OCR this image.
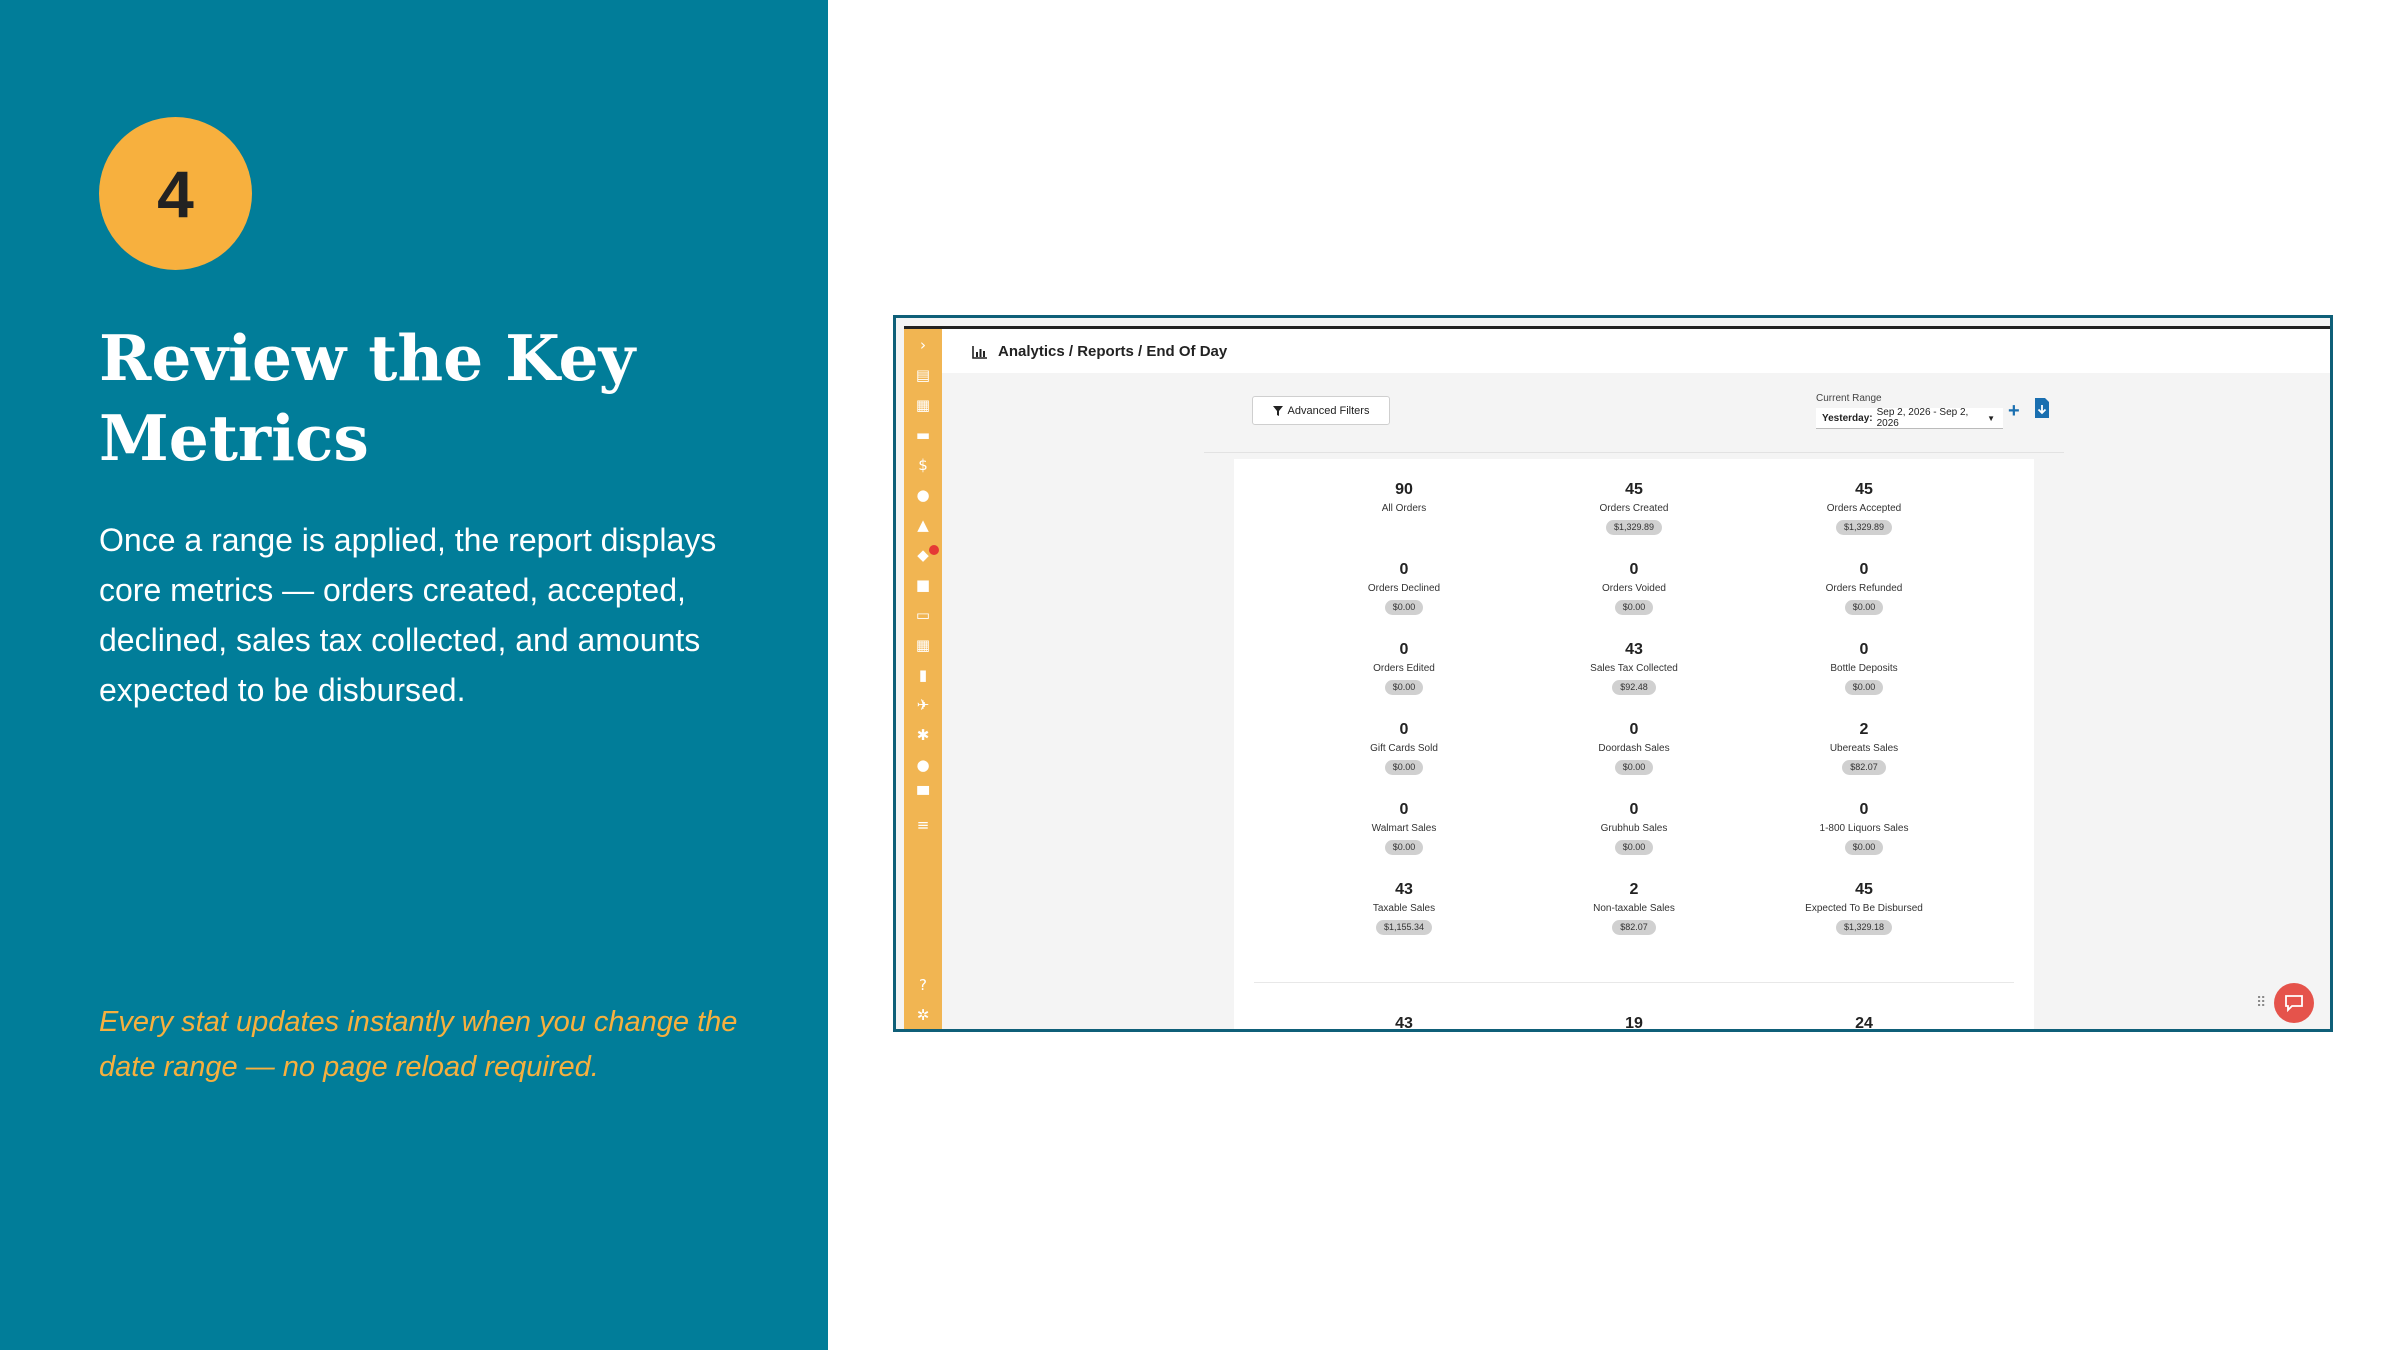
4
Review the Key Metrics

Once a range is applied, the report displays core metrics — orders created, accepted, declined, sales tax collected, and amounts expected to be disbursed.

Every stat updates instantly when you change the date range — no page reload required.

›
▤
▦
▬
$
●
▲
◆
■
▭
▦
▮
✈
✱
●
▀
≡
?
✲
Analytics / Reports / End Of Day
Advanced Filters
Current Range
Yesterday: Sep 2, 2026 - Sep 2, 2026	▼ +
90
All Orders
45
Orders Created
$1,329.89
45
Orders Accepted
$1,329.89
0
Orders Declined
$0.00
0
Orders Voided
$0.00
0
Orders Refunded
$0.00
0
Orders Edited
$0.00
43
Sales Tax Collected
$92.48
0
Bottle Deposits
$0.00
0
Gift Cards Sold
$0.00
0
Doordash Sales
$0.00
2
Ubereats Sales
$82.07
0
Walmart Sales
$0.00
0
Grubhub Sales
$0.00
0
1-800 Liquors Sales
$0.00
43
Taxable Sales
$1,155.34
2
Non-taxable Sales
$82.07
45
Expected To Be Disbursed
$1,329.18
43	19	24
⠿
